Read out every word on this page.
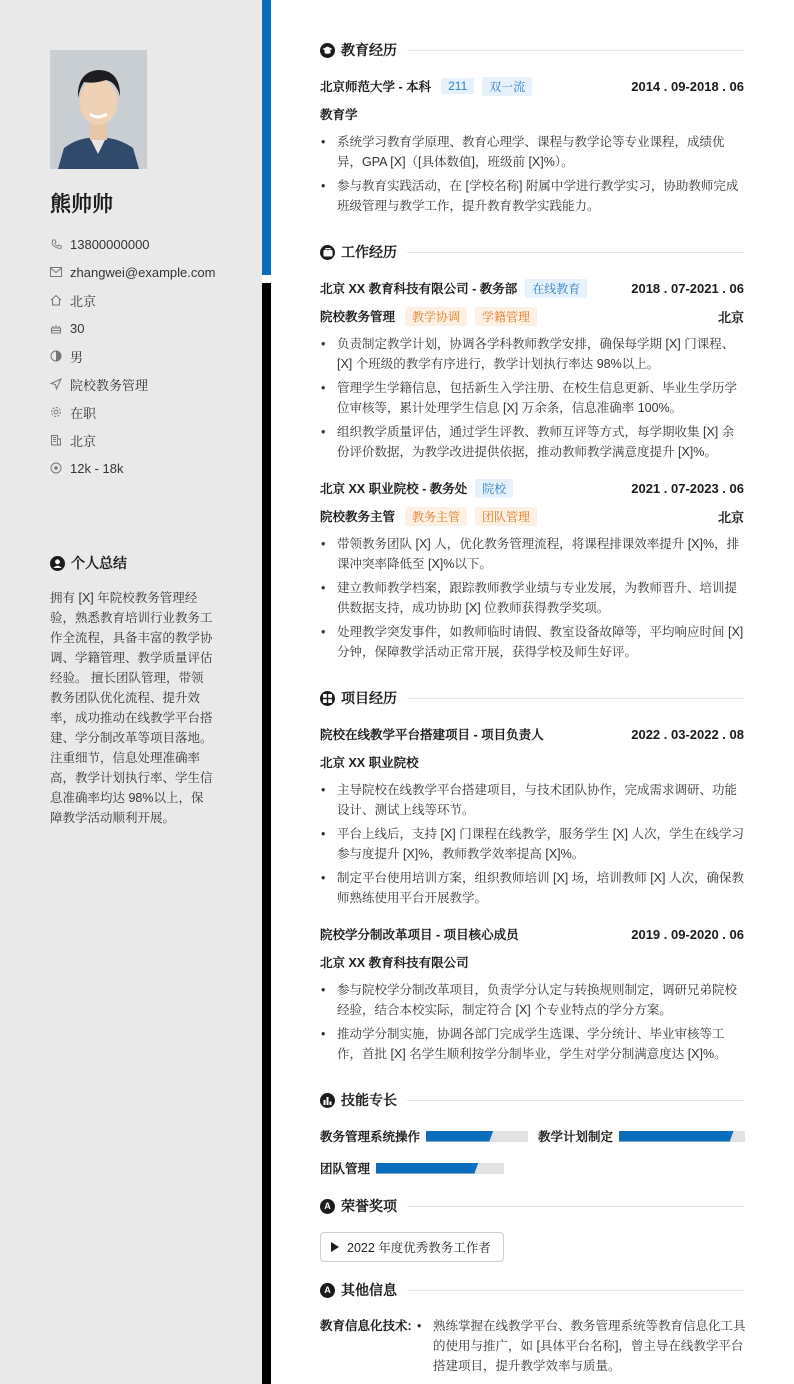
熊帅帅
13800000000
zhangwei@example.com
北京
30
男
院校教务管理
在职
北京
12k - 18k
个人总结
拥有 [X] 年院校教务管理经验，熟悉教育培训行业教务工作全流程，具备丰富的教学协调、学籍管理、教学质量评估经验。 擅长团队管理，带领教务团队优化流程、提升效率，成功推动在线教学平台搭建、学分制改革等项目落地。 注重细节，信息处理准确率高，教学计划执行率、学生信息准确率均达 98%以上，保障教学活动顺利开展。
教育经历
北京师范大学 - 本科	211	双一流	2014 . 09-2018 . 06
教育学
• 系统学习教育学原理、教育心理学、课程与教学论等专业课程，成绩优异，GPA [X]（[具体数值]，班级前 [X]%）。
• 参与教育实践活动，在 [学校名称] 附属中学进行教学实习，协助教师完成班级管理与教学工作，提升教育教学实践能力。
工作经历
北京 XX 教育科技有限公司 - 教务部	在线教育	2018 . 07-2021 . 06
院校教务管理	教学协调	学籍管理	北京
• 负责制定教学计划，协调各学科教师教学安排，确保每学期 [X] 门课程、[X] 个班级的教学有序进行，教学计划执行率达 98%以上。
• 管理学生学籍信息，包括新生入学注册、在校生信息更新、毕业生学历学位审核等，累计处理学生信息 [X] 万余条，信息准确率 100%。
• 组织教学质量评估，通过学生评教、教师互评等方式，每学期收集 [X] 余份评价数据，为教学改进提供依据，推动教师教学满意度提升 [X]%。
北京 XX 职业院校 - 教务处	院校	2021 . 07-2023 . 06
院校教务主管	教务主管	团队管理	北京
• 带领教务团队 [X] 人，优化教务管理流程，将课程排课效率提升 [X]%，排课冲突率降低至 [X]%以下。
• 建立教师教学档案，跟踪教师教学业绩与专业发展，为教师晋升、培训提供数据支持，成功协助 [X] 位教师获得教学奖项。
• 处理教学突发事件，如教师临时请假、教室设备故障等，平均响应时间 [X] 分钟，保障教学活动正常开展，获得学校及师生好评。
项目经历
院校在线教学平台搭建项目 - 项目负责人	2022 . 03-2022 . 08
北京 XX 职业院校
• 主导院校在线教学平台搭建项目，与技术团队协作，完成需求调研、功能设计、测试上线等环节。
• 平台上线后，支持 [X] 门课程在线教学，服务学生 [X] 人次，学生在线学习参与度提升 [X]%，教师教学效率提高 [X]%。
• 制定平台使用培训方案，组织教师培训 [X] 场，培训教师 [X] 人次，确保教师熟练使用平台开展教学。
院校学分制改革项目 - 项目核心成员	2019 . 09-2020 . 06
北京 XX 教育科技有限公司
• 参与院校学分制改革项目，负责学分认定与转换规则制定，调研兄弟院校经验，结合本校实际，制定符合 [X] 个专业特点的学分方案。
• 推动学分制实施，协调各部门完成学生选课、学分统计、毕业审核等工作，首批 [X] 名学生顺利按学分制毕业，学生对学分制满意度达 [X]%。
技能专长
教务管理系统操作	教学计划制定
团队管理
A 荣誉奖项
2022 年度优秀教务工作者
A 其他信息
教育信息化技术:
•	熟练掌握在线教学平台、教务管理系统等教育信息化工具的使用与推广，如 [具体平台名称]，曾主导在线教学平台搭建项目，提升教学效率与质量。
